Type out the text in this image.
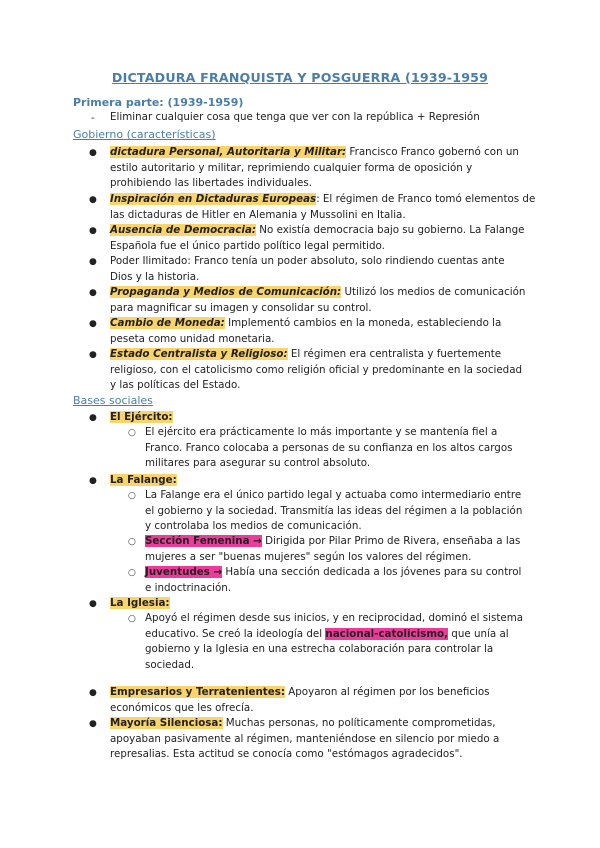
DICTADURA FRANQUISTA Y POSGUERRA (1939-1959
Primera parte: (1939-1959)
- Eliminar cualquier cosa que tenga que ver con la república + Represión
Gobierno (características)
● dictadura Personal, Autoritaria y Militar: Francisco Franco gobernó con un
estilo autoritario y militar, reprimiendo cualquier forma de oposición y
prohibiendo las libertades individuales.
● Inspiración en Dictaduras Europeas: El régimen de Franco tomó elementos de
las dictaduras de Hitler en Alemania y Mussolini en Italia.
● Ausencia de Democracia: No existía democracia bajo su gobierno. La Falange
Española fue el único partido político legal permitido.
● Poder Ilimitado: Franco tenía un poder absoluto, solo rindiendo cuentas ante
Dios y la historia.
● Propaganda y Medios de Comunicación: Utilizó los medios de comunicación
para magnificar su imagen y consolidar su control.
● Cambio de Moneda: Implementó cambios en la moneda, estableciendo la
peseta como unidad monetaria.
● Estado Centralista y Religioso: El régimen era centralista y fuertemente
religioso, con el catolicismo como religión oficial y predominante en la sociedad
y las políticas del Estado.
Bases sociales
● El Ejército:
○ El ejército era prácticamente lo más importante y se mantenía fiel a
Franco. Franco colocaba a personas de su confianza en los altos cargos
militares para asegurar su control absoluto.
● La Falange:
○ La Falange era el único partido legal y actuaba como intermediario entre
el gobierno y la sociedad. Transmitía las ideas del régimen a la población
y controlaba los medios de comunicación.
○ Sección Femenina → Dirigida por Pilar Primo de Rivera, enseñaba a las
mujeres a ser "buenas mujeres" según los valores del régimen.
○ Juventudes → Había una sección dedicada a los jóvenes para su control
e indoctrinación.
● La Iglesia:
○ Apoyó el régimen desde sus inicios, y en reciprocidad, dominó el sistema
educativo. Se creó la ideología del nacional-catolicismo, que unía al
gobierno y la Iglesia en una estrecha colaboración para controlar la
sociedad.
● Empresarios y Terratenientes: Apoyaron al régimen por los beneficios
económicos que les ofrecía.
● Mayoría Silenciosa: Muchas personas, no políticamente comprometidas,
apoyaban pasivamente al régimen, manteniéndose en silencio por miedo a
represalias. Esta actitud se conocía como "estómagos agradecidos".
